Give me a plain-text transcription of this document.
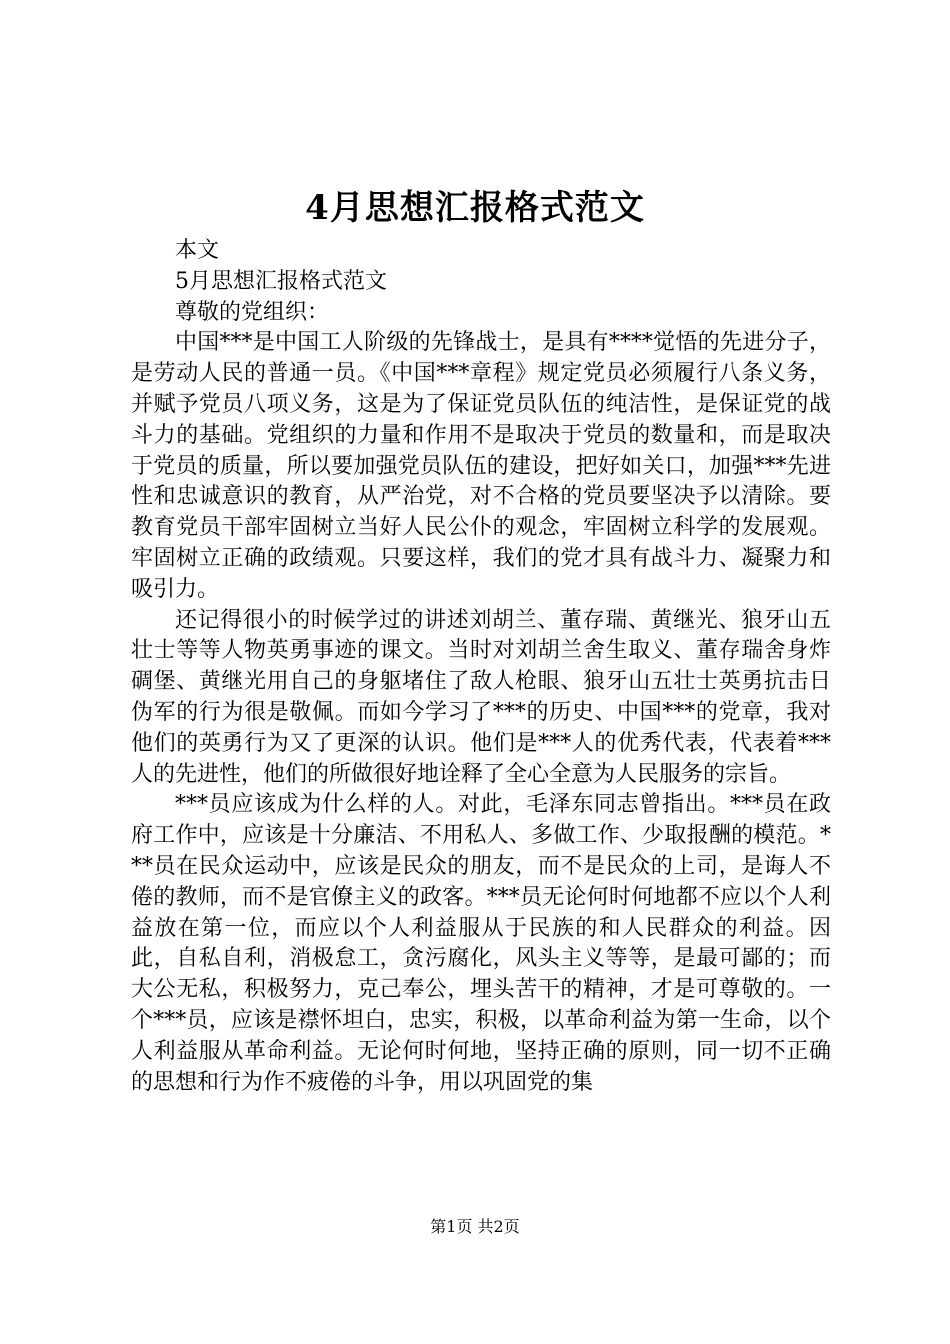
4月思想汇报格式范文

本文

5月思想汇报格式范文

尊敬的党组织：

中国***是中国工人阶级的先锋战士，是具有****觉悟的先进分子，是劳动人民的普通一员。《中国***章程》规定党员必须履行八条义务，并赋予党员八项义务，这是为了保证党员队伍的纯洁性，是保证党的战斗力的基础。党组织的力量和作用不是取决于党员的数量和，而是取决于党员的质量，所以要加强党员队伍的建设，把好如关口，加强***先进性和忠诚意识的教育，从严治党，对不合格的党员要坚决予以清除。要教育党员干部牢固树立当好人民公仆的观念，牢固树立科学的发展观。牢固树立正确的政绩观。只要这样，我们的党才具有战斗力、凝聚力和吸引力。

还记得很小的时候学过的讲述刘胡兰、董存瑞、黄继光、狼牙山五壮士等等人物英勇事迹的课文。当时对刘胡兰舍生取义、董存瑞舍身炸碉堡、黄继光用自己的身躯堵住了敌人枪眼、狼牙山五壮士英勇抗击日伪军的行为很是敬佩。而如今学习了***的历史、中国***的党章，我对他们的英勇行为又了更深的认识。他们是***人的优秀代表，代表着***人的先进性，他们的所做很好地诠释了全心全意为人民服务的宗旨。

***员应该成为什么样的人。对此，毛泽东同志曾指出。***员在政府工作中，应该是十分廉洁、不用私人、多做工作、少取报酬的模范。***员在民众运动中，应该是民众的朋友，而不是民众的上司，是诲人不倦的教师，而不是官僚主义的政客。***员无论何时何地都不应以个人利益放在第一位，而应以个人利益服从于民族的和人民群众的利益。因此，自私自利，消极怠工，贪污腐化，风头主义等等，是最可鄙的；而大公无私，积极努力，克己奉公，埋头苦干的精神，才是可尊敬的。一个***员，应该是襟怀坦白，忠实，积极，以革命利益为第一生命，以个人利益服从革命利益。无论何时何地，坚持正确的原则，同一切不正确的思想和行为作不疲倦的斗争，用以巩固党的集

第1页 共2页
